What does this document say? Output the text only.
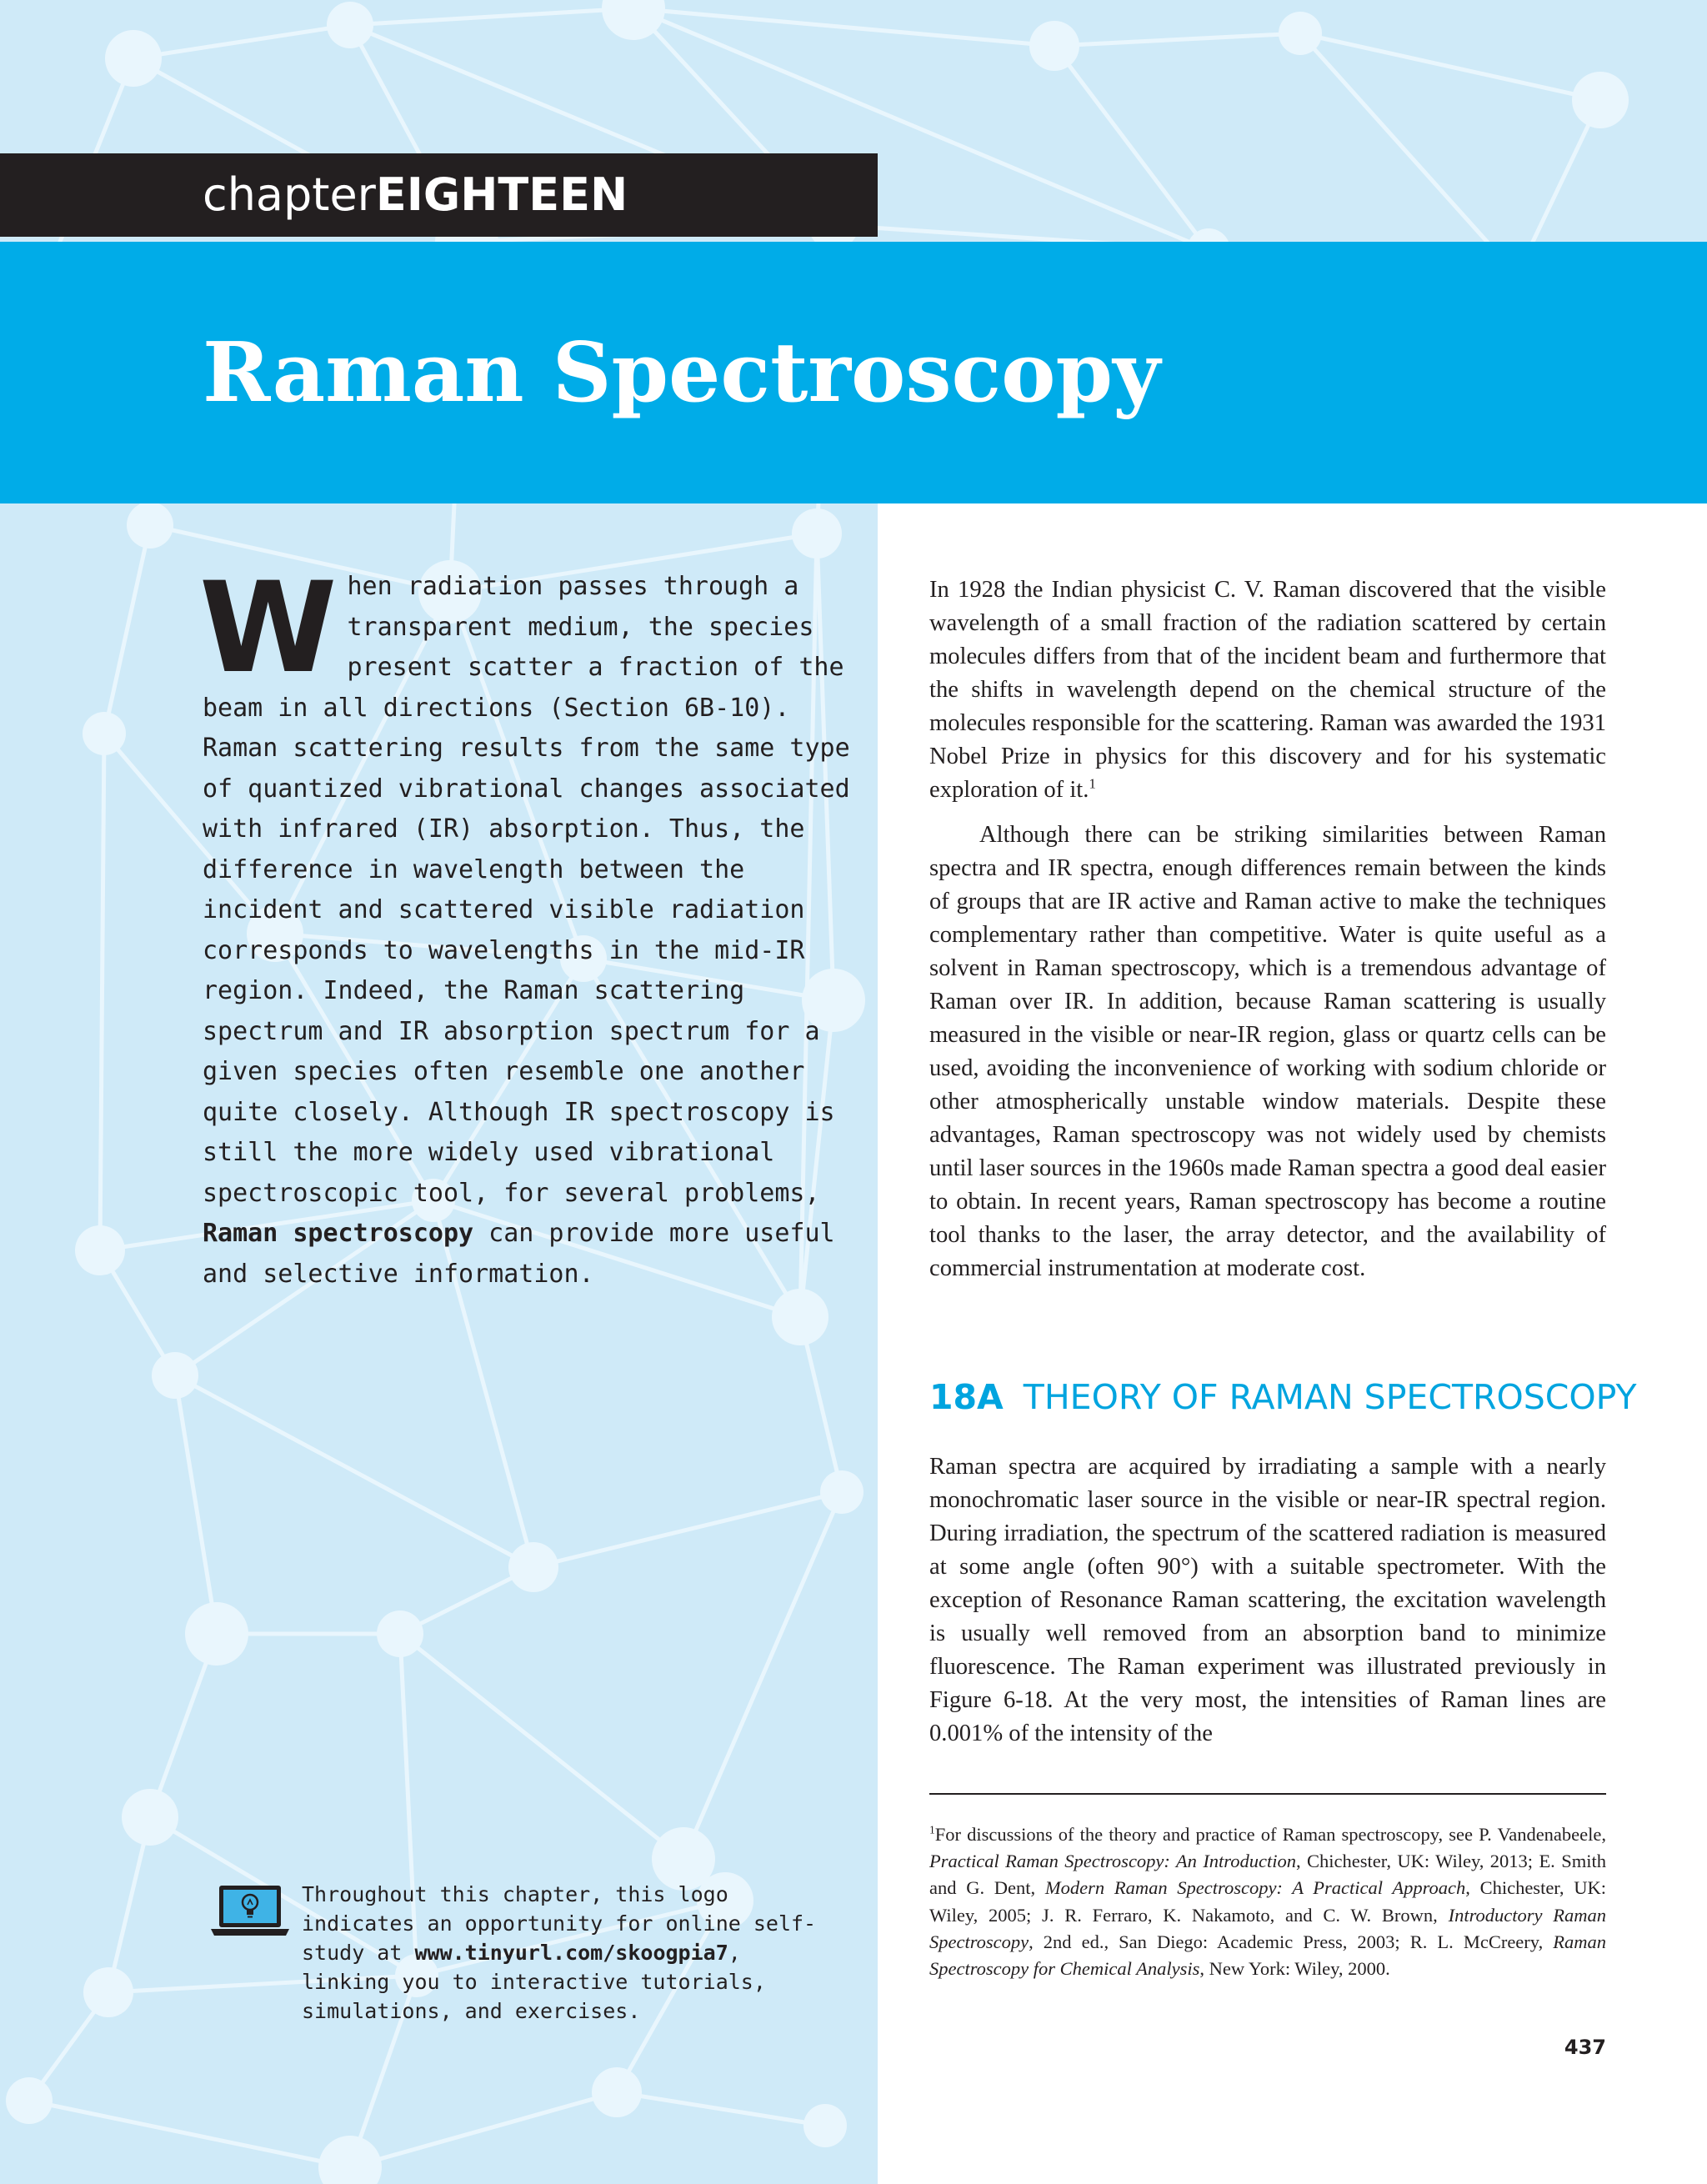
chapterEIGHTEEN
Raman Spectroscopy
When radiation passes through a transparent medium, the species present scatter a fraction of the beam in all directions (Section 6B-10). Raman scattering results from the same type of quantized vibrational changes associated with infrared (IR) absorption. Thus, the difference in wavelength between the incident and scattered visible radiation corresponds to wavelengths in the mid-IR region. Indeed, the Raman scattering spectrum and IR absorption spectrum for a given species often resemble one another quite closely. Although IR spectroscopy is still the more widely used vibrational spectroscopic tool, for several problems, Raman spectroscopy can provide more useful and selective information.

In 1928 the Indian physicist C. V. Raman discovered that the visible wavelength of a small fraction of the radiation scattered by certain molecules differs from that of the incident beam and furthermore that the shifts in wavelength depend on the chemical structure of the molecules responsible for the scattering. Raman was awarded the 1931 Nobel Prize in physics for this discovery and for his systematic exploration of it.$^1$

Although there can be striking similarities between Raman spectra and IR spectra, enough differences remain between the kinds of groups that are IR active and Raman active to make the techniques complementary rather than competitive. Water is quite useful as a solvent in Raman spectroscopy, which is a tremendous advantage of Raman over IR. In addition, because Raman scattering is usually measured in the visible or near-IR region, glass or quartz cells can be used, avoiding the inconvenience of working with sodium chloride or other atmospherically unstable window materials. Despite these advantages, Raman spectroscopy was not widely used by chemists until laser sources in the 1960s made Raman spectra a good deal easier to obtain. In recent years, Raman spectroscopy has become a routine tool thanks to the laser, the array detector, and the availability of commercial instrumentation at moderate cost.

18A THEORY OF RAMAN SPECTROSCOPY

Raman spectra are acquired by irradiating a sample with a nearly monochromatic laser source in the visible or near-IR spectral region. During irradiation, the spectrum of the scattered radiation is measured at some angle (often 90°) with a suitable spectrometer. With the exception of Resonance Raman scattering, the excitation wavelength is usually well removed from an absorption band to minimize fluorescence. The Raman experiment was illustrated previously in Figure 6-18. At the very most, the intensities of Raman lines are 0.001% of the intensity of the

$^1$For discussions of the theory and practice of Raman spectroscopy, see P. Vandenabeele, Practical Raman Spectroscopy: An Introduction, Chichester, UK: Wiley, 2013; E. Smith and G. Dent, Modern Raman Spectroscopy: A Practical Approach, Chichester, UK: Wiley, 2005; J. R. Ferraro, K. Nakamoto, and C. W. Brown, Introductory Raman Spectroscopy, 2nd ed., San Diego: Academic Press, 2003; R. L. McCreery, Raman Spectroscopy for Chemical Analysis, New York: Wiley, 2000.
Throughout this chapter, this logo indicates an opportunity for online self-study at www.tinyurl.com/skoogpia7, linking you to interactive tutorials, simulations, and exercises.
437
